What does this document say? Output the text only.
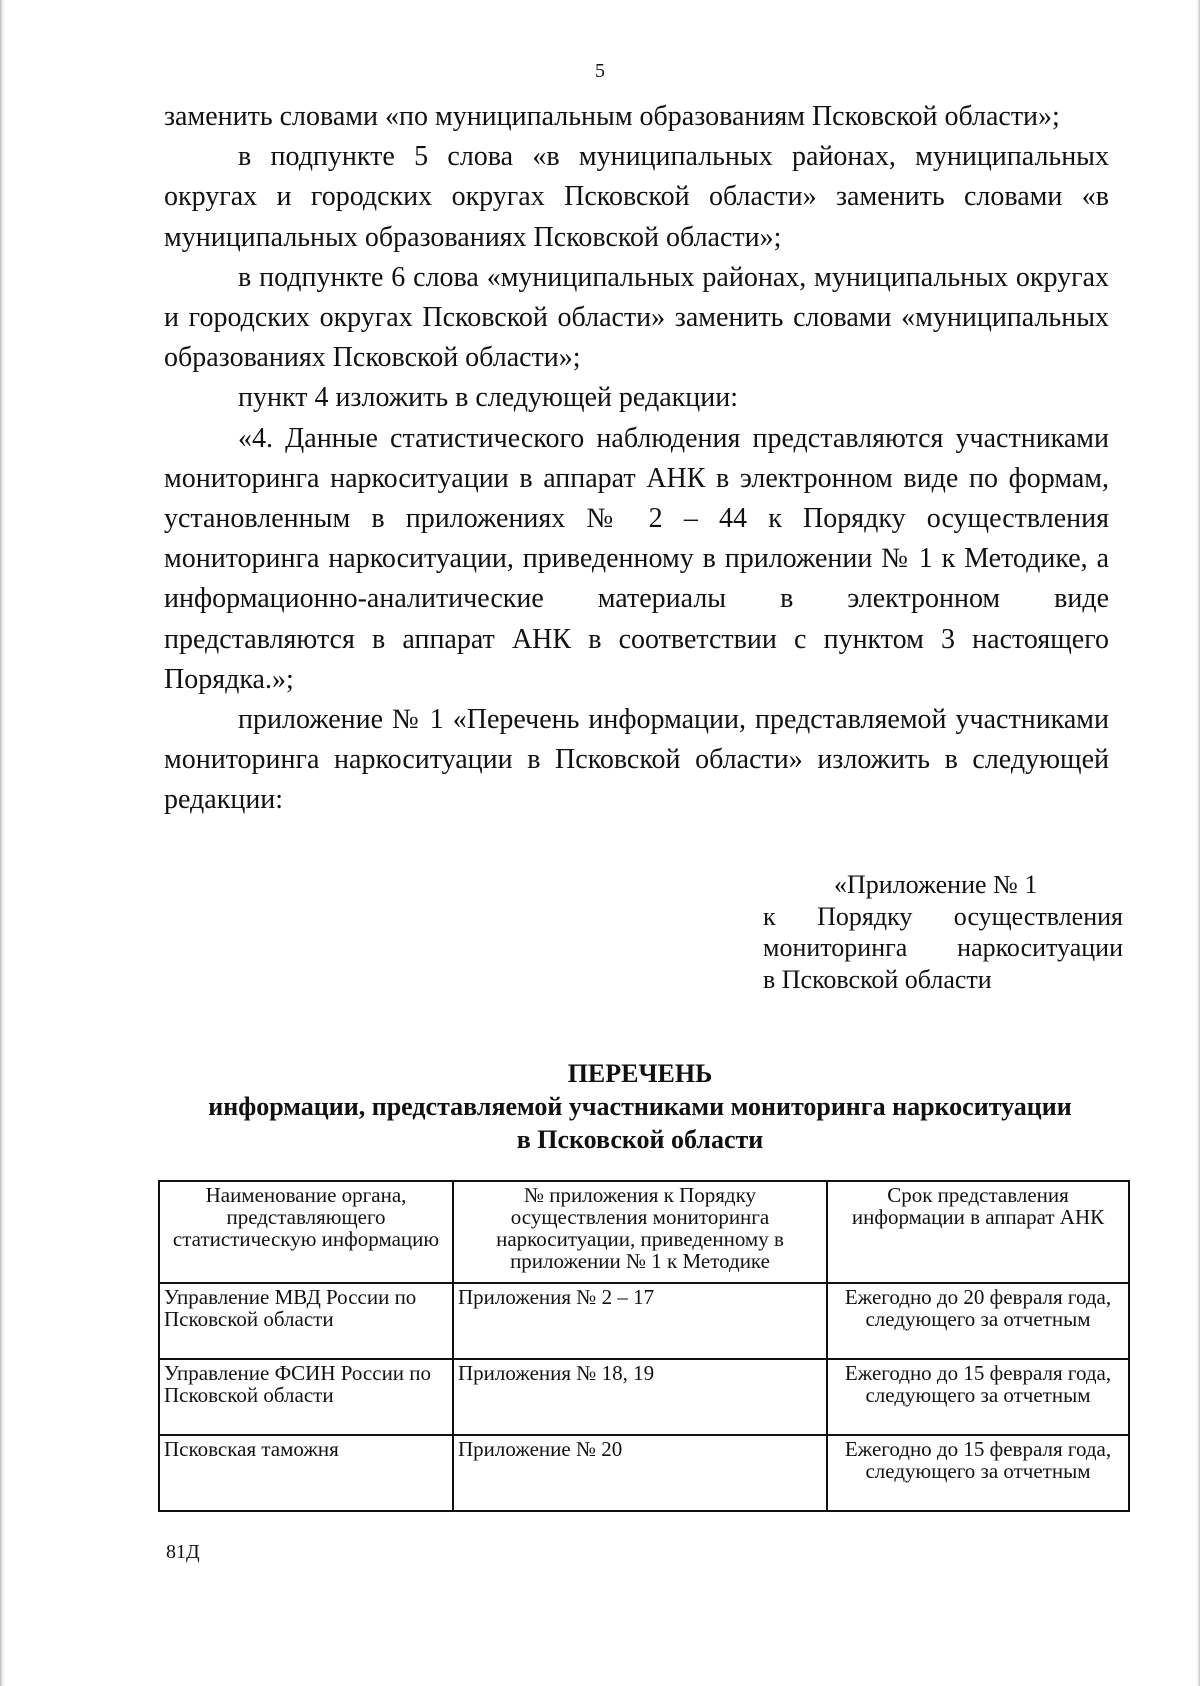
5

заменить словами «по муниципальным образованиям Псковской области»;

в подпункте 5 слова «в муниципальных районах, муниципальных округах и городских округах Псковской области» заменить словами «в муниципальных образованиях Псковской области»;

в подпункте 6 слова «муниципальных районах, муниципальных округах и городских округах Псковской области» заменить словами «муниципальных образованиях Псковской области»;

пункт 4 изложить в следующей редакции:

«4. Данные статистического наблюдения представляются участниками мониторинга наркоситуации в аппарат АНК в электронном виде по формам, установленным в приложениях № 2 – 44 к Порядку осуществления мониторинга наркоситуации, приведенному в приложении № 1 к Методике, а информационно-аналитические материалы в электронном виде представляются в аппарат АНК в соответствии с пунктом 3 настоящего Порядка.»;

приложение № 1 «Перечень информации, представляемой участниками мониторинга наркоситуации в Псковской области» изложить в следующей редакции:

«Приложение № 1
к Порядку осуществления
мониторинга наркоситуации
в Псковской области
ПЕРЕЧЕНЬ
информации, представляемой участниками мониторинга наркоситуации
в Псковской области
Наименование органа, представляющего статистическую информацию	№ приложения к Порядку осуществления мониторинга наркоситуации, приведенному в приложении № 1 к Методике	Срок представления информации в аппарат АНК
Управление МВД России по Псковской области	Приложения № 2 – 17	Ежегодно до 20 февраля года, следующего за отчетным
Управление ФСИН России по Псковской области	Приложения № 18, 19	Ежегодно до 15 февраля года, следующего за отчетным
Псковская таможня	Приложение № 20	Ежегодно до 15 февраля года, следующего за отчетным
81Д
